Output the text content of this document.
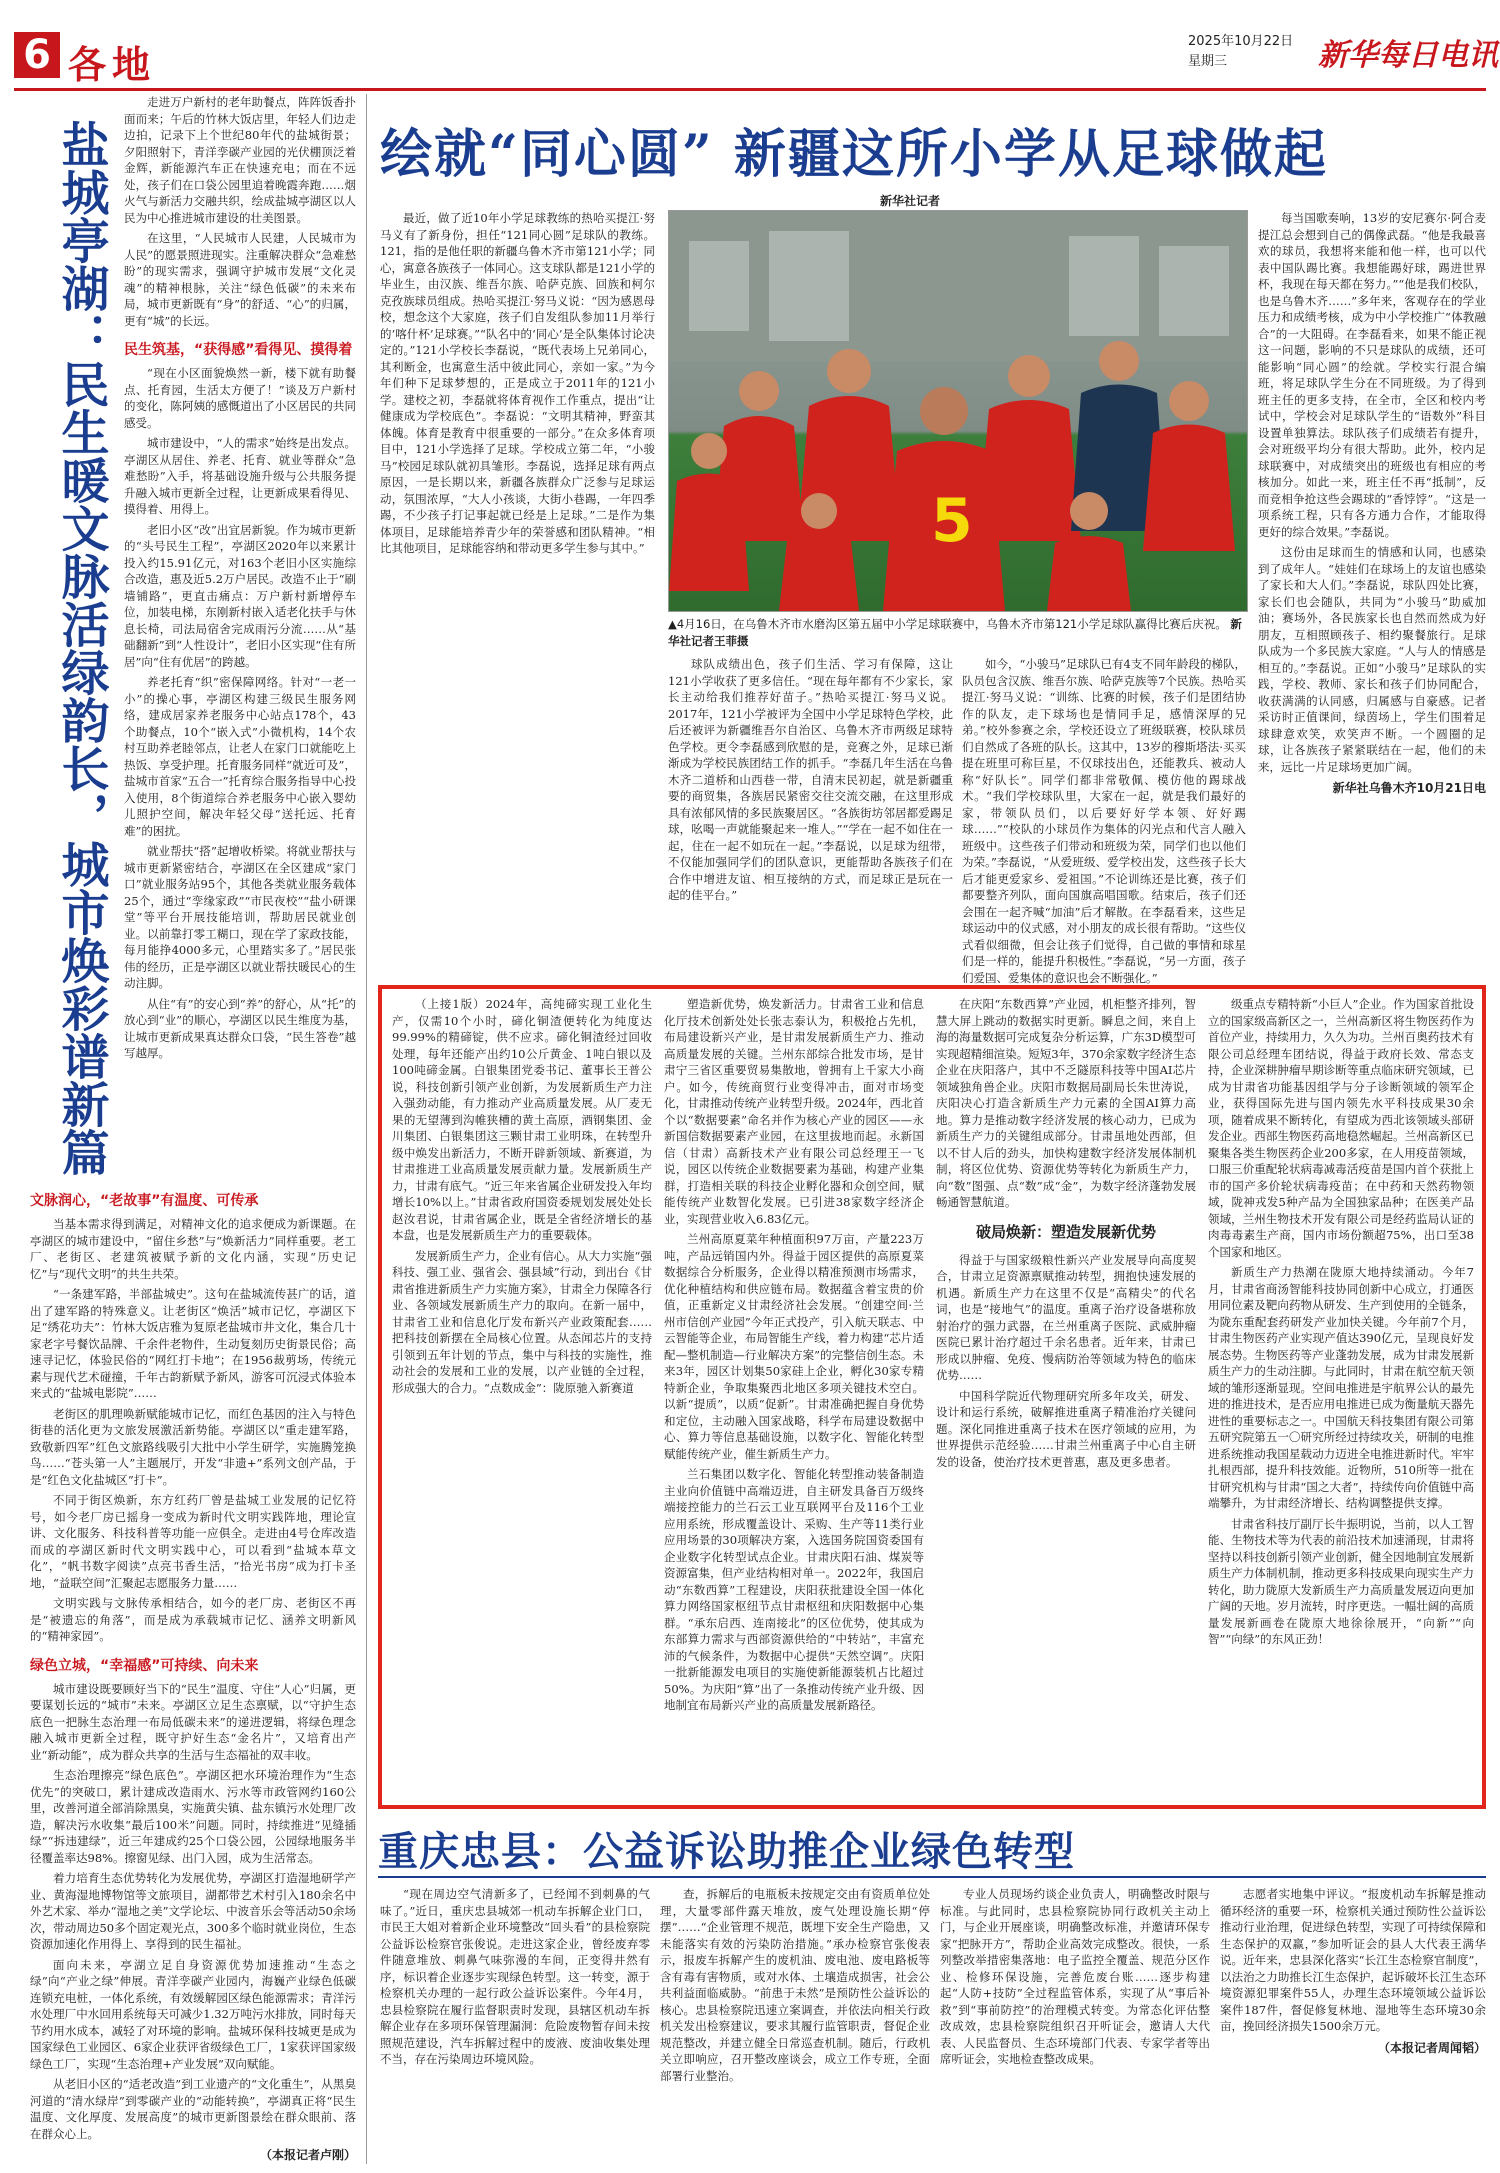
6 各地
2025年10月22日
星期三	新华每日电讯
盐城亭湖：民生暖文脉活绿韵长，城市焕彩谱新篇

走进万户新村的老年助餐点，阵阵饭香扑面而来；午后的竹林大饭店里，年轻人们边走边拍，记录下上个世纪80年代的盐城街景；夕阳照射下，青洋孪碳产业园的光伏棚顶泛着金辉，新能源汽车正在快速充电；而在不远处，孩子们在口袋公园里追着晚霞奔跑……烟火气与新活力交融共织，绘成盐城亭湖区以人民为中心推进城市建设的壮美图景。

在这里，“人民城市人民建，人民城市为人民”的愿景照进现实。注重解决群众“急难愁盼”的现实需求，强调守护城市发展“文化灵魂”的精神根脉，关注“绿色低碳”的未来布局，城市更新既有“身”的舒适、“心”的归属，更有“城”的长远。

民生筑基，“获得感”看得见、摸得着

“现在小区面貌焕然一新，楼下就有助餐点、托育园，生活太方便了！”谈及万户新村的变化，陈阿姨的感慨道出了小区居民的共同感受。

城市建设中，“人的需求”始终是出发点。亭湖区从居住、养老、托育、就业等群众“急难愁盼”入手，将基础设施升级与公共服务提升融入城市更新全过程，让更新成果看得见、摸得着、用得上。

老旧小区“改”出宜居新貌。作为城市更新的“头号民生工程”，亭湖区2020年以来累计投入约15.91亿元，对163个老旧小区实施综合改造，惠及近5.2万户居民。改造不止于“刷墙铺路”，更直击痛点：万户新村新增停车位，加装电梯，东刚新村嵌入适老化扶手与休息长椅，司法局宿舍完成雨污分流……从“基础翻新”到“人性设计”，老旧小区实现“住有所居”向“住有优居”的跨越。

养老托育“织”密保障网络。针对“一老一小”的操心事，亭湖区构建三级民生服务网络，建成居家养老服务中心站点178个，43个助餐点，10个“嵌入式”小微机构，14个农村互助养老睦邻点，让老人在家门口就能吃上热饭、享受护理。托育服务同样“就近可及”，盐城市首家“五合一”托育综合服务指导中心投入使用，8个街道综合养老服务中心嵌入婴幼儿照护空间，解决年轻父母“送托远、托育难”的困扰。

就业帮扶“搭”起增收桥梁。将就业帮扶与城市更新紧密结合，亭湖区在全区建成“家门口”就业服务站95个，其他各类就业服务载体25个，通过“孪缘家政”“市民夜校”“盐小研课堂”等平台开展技能培训，帮助居民就业创业。以前靠打零工糊口，现在学了家政技能，每月能挣4000多元，心里踏实多了。”居民张伟的经历，正是亭湖区以就业帮扶暖民心的生动注脚。

从住“有”的安心到“养”的舒心，从“托”的放心到“业”的顺心，亭湖区以民生维度为基，让城市更新成果真达群众口袋，“民生答卷”越写越厚。

文脉润心，“老故事”有温度、可传承

当基本需求得到满足，对精神文化的追求便成为新课题。在亭湖区的城市建设中，“留住乡愁”与“焕新活力”同样重要。老工厂、老街区、老建筑被赋予新的文化内涵，实现“历史记忆”与“现代文明”的共生共荣。

“一条建军路，半部盐城史”。这句在盐城流传甚广的话，道出了建军路的特殊意义。让老街区“焕活”城市记忆，亭湖区下足“绣花功夫”：竹林大饭店雅为复原老盐城市井文化，集合几十家老字号餐饮品牌、千余件老物件，生动复刻历史街景民俗；高速寻记忆，体验民俗的“网红打卡地”；在1956裁剪场，传统元素与现代艺术碰撞，千年古韵新赋予新风，游客可沉浸式体验本来式的“盐城电影院”……

老街区的肌理唤新赋能城市记忆，而红色基因的注入与特色街巷的活化更为文旅发展激活新势能。亭湖区以“重走建军路，致敬新四军”红色文旅路线吸引大批中小学生研学，实施腾笼换鸟……“苍头第一人”主题展厅，开发“非遗+”系列文创产品，于是“红色文化盐城区”打卡”。

不同于街区焕新，东方红药厂曾是盐城工业发展的记忆符号，如今老厂房已摇身一变成为新时代文明实践阵地，理论宣讲、文化服务、科技科普等功能一应俱全。走进由4号仓库改造而成的亭湖区新时代文明实践中心，可以看到“盐城本草文化”，“帆书数字阅读”点亮书香生活，“拾光书房”成为打卡圣地，“益联空间”汇聚起志愿服务力量……

文明实践与文脉传承相结合，如今的老厂房、老街区不再是“被遗忘的角落”，而是成为承载城市记忆、涵养文明新风的“精神家园”。

绿色立城，“幸福感”可持续、向未来

城市建设既要顾好当下的“民生”温度、守住“人心”归属，更要谋划长远的“城市”未来。亭湖区立足生态禀赋，以“守护生态底色一把脉生态治理一布局低碳未来”的递进逻辑，将绿色理念融入城市更新全过程，既守护好生态“金名片”，又培育出产业“新动能”，成为群众共享的生活与生态福祉的双丰收。

生态治理擦亮“绿色底色”。亭湖区把水环境治理作为“生态优先”的突破口，累计建成改造雨水、污水等市政管网约160公里，改善河道全部消除黑臭，实施黄尖镇、盐东镇污水处理厂改造，解决污水收集“最后100米”问题。同时，持续推进“见缝插绿”“拆违建绿”，近三年建成约25个口袋公园，公园绿地服务半径覆盖率达98%。擦窗见绿、出门入园，成为生活常态。

着力培育生态优势转化为发展优势，亭湖区打造湿地研学产业、黄海湿地博物馆等文旅项目，湖都带艺术村引入180余名中外艺术家、举办“湿地之美”文学论坛、中波音乐会等活动50余场次，带动周边50多个固定观光点，300多个临时就业岗位，生态资源加速化作用得上、享得到的民生福祉。

面向未来，亭湖立足自身资源优势加速推动“生态之绿”向“产业之绿”伸展。青洋孪碳产业园内，海巍产业绿色低碳连锁充电桩，一体化系统，有效缓解园区绿色能源需求；青洋污水处理厂中水回用系统每天可减少1.32万吨污水排放，同时每天节约用水成本，减轻了对环境的影响。盐城环保科技城更是成为国家绿色工业园区、6家企业获评省级绿色工厂，1家获评国家级绿色工厂，实现“生态治理+产业发展”双向赋能。

从老旧小区的“适老改造”到工业遗产的“文化重生”，从黑臭河道的“清水绿岸”到零碳产业的“动能转换”，亭湖真正将“民生温度、文化厚度、发展高度”的城市更新图景绘在群众眼前、落在群众心上。

（本报记者卢刚）
绘就“同心圆” 新疆这所小学从足球做起
新华社记者

最近，做了近10年小学足球教练的热哈买提江·努马义有了新身份，担任“121同心圆”足球队的教练。121，指的是他任职的新疆乌鲁木齐市第121小学；同心，寓意各族孩子一体同心。这支球队都是121小学的毕业生，由汉族、维吾尔族、哈萨克族、回族和柯尔克孜族球员组成。热哈买提江·努马义说：“因为感恩母校，想念这个大家庭，孩子们自发组队参加11月举行的‘喀什杯’足球赛。”“队名中的‘同心’是全队集体讨论决定的。”121小学校长李磊说，“既代表场上兄弟同心，其利断金，也寓意生活中彼此同心，亲如一家。”为今年们种下足球梦想的，正是成立于2011年的121小学。建校之初，李磊就将体育视作工作重点，提出“让健康成为学校底色”。李磊说：“文明其精神，野蛮其体魄。体育是教育中很重要的一部分。”在众多体育项目中，121小学选择了足球。学校成立第二年，“小骏马”校园足球队就初具雏形。李磊说，选择足球有两点原因，一是长期以来，新疆各族群众广泛参与足球运动，氛围浓厚，“大人小孩谈，大街小巷踢，一年四季踢，不少孩子打记事起就已经是上足球。”二是作为集体项目，足球能培养青少年的荣誉感和团队精神。“相比其他项目，足球能容纳和带动更多学生参与其中。”	5
▲4月16日，在乌鲁木齐市水磨沟区第五届中小学足球联赛中，乌鲁木齐市第121小学足球队赢得比赛后庆祝。 新华社记者王菲摄

球队成绩出色，孩子们生活、学习有保障，这让121小学收获了更多信任。“现在每年都有不少家长，家长主动给我们推荐好苗子。”热哈买提江·努马义说。2017年，121小学被评为全国中小学足球特色学校，此后还被评为新疆维吾尔自治区、乌鲁木齐市两级足球特色学校。更令李磊感到欣慰的是，竞赛之外，足球已渐渐成为学校民族团结工作的抓手。“李磊几年生活在乌鲁木齐二道桥和山西巷一带，自清末民初起，就是新疆重要的商贸集，各族居民紧密交往交流交融，在这里形成具有浓郁风情的多民族聚居区。“各族街坊邻居都爱踢足球，吆喝一声就能聚起来一堆人。”“学在一起不如住在一起，住在一起不如玩在一起。”李磊说，以足球为纽带，不仅能加强同学们的团队意识，更能帮助各族孩子们在合作中增进友谊、相互接纳的方式，而足球正是玩在一起的佳平台。”

如今，“小骏马”足球队已有4支不同年龄段的梯队，队员包含汉族、维吾尔族、哈萨克族等7个民族。热哈买提江·努马义说：“训练、比赛的时候，孩子们是团结协作的队友，走下球场也是情同手足，感情深厚的兄弟。”校外参赛之余，学校还设立了班级联赛，校队球员们自然成了各班的队长。这其中，13岁的穆斯塔法·买买提在班里可称巨星，不仅球技出色，还能教兵、被动人称“好队长”。同学们都非常敬佩、模仿他的踢球战术。“我们学校球队里，大家在一起，就是我们最好的家，带领队员们，以后要好好学本领、好好踢球……”“校队的小球员作为集体的闪光点和代言人融入班级中。这些孩子们带动和班级为荣，同学们也以他们为荣。”李磊说，“从爱班级、爱学校出发，这些孩子长大后才能更爱家乡、爱祖国。”不论训练还是比赛，孩子们都要整齐列队，面向国旗高唱国歌。结束后，孩子们还会围在一起齐喊“加油”后才解散。在李磊看来，这些足球运动中的仪式感，对小朋友的成长很有帮助。“这些仪式看似细微，但会让孩子们觉得，自己做的事情和球星们是一样的，能提升积极性。”李磊说，“另一方面，孩子们爱国、爱集体的意识也会不断强化。”

每当国歌奏响，13岁的安尼赛尔·阿合麦提江总会想到自己的偶像武磊。“他是我最喜欢的球员，我想将来能和他一样，也可以代表中国队踢比赛。我想能踢好球，踢进世界杯，我现在每天都在努力。”“他是我们校队，也是乌鲁木齐……”多年来，客观存在的学业压力和成绩考核，成为中小学校推广“体教融合”的一大阻碍。在李磊看来，如果不能正视这一问题，影响的不只是球队的成绩，还可能影响“同心圆”的绘就。学校实行混合编班，将足球队学生分在不同班级。为了得到班主任的更多支持，在全市，全区和校内考试中，学校会对足球队学生的“语数外”科目设置单独算法。球队孩子们成绩若有提升，会对班级平均分有很大帮助。此外，校内足球联赛中，对成绩突出的班级也有相应的考核加分。如此一来，班主任不再“抵制”，反而竞相争抢这些会踢球的“香饽饽”。“这是一项系统工程，只有各方通力合作，才能取得更好的综合效果。”李磊说。

这份由足球而生的情感和认同，也感染到了成年人。“娃娃们在球场上的友谊也感染了家长和大人们。”李磊说，球队四处比赛，家长们也会随队，共同为“小骏马”助威加油；赛场外，各民族家长也自然而然成为好朋友，互相照顾孩子、相约聚餐旅行。足球队成为一个多民族大家庭。“人与人的情感是相互的。”李磊说。正如“小骏马”足球队的实践，学校、教师、家长和孩子们协同配合，收获满满的认同感，归属感与自豪感。记者采访时正值课间，绿茵场上，学生们围着足球肆意欢笑，欢笑声不断。一个圆圈的足球，让各族孩子紧紧联结在一起，他们的未来，远比一片足球场更加广阔。

新华社乌鲁木齐10月21日电

（上接1版）2024年，高纯碲实现工业化生产，仅需10个小时，碲化铜渣便转化为纯度达99.99%的精碲锭，供不应求。碲化铜渣经过回收处理，每年还能产出约10公斤黄金、1吨白银以及100吨碲金属。白银集团党委书记、董事长王普公说，科技创新引领产业创新，为发展新质生产力注入强劲动能，有力推动产业高质量发展。从厂麦无果的无望薄到沟帷狭槽的黄土高原，酒钢集团、金川集团、白银集团这三颗甘肃工业明珠，在转型升级中焕发出新活力，不断开辟新领域、新赛道，为甘肃推进工业高质量发展贡献力量。发展新质生产力，甘肃有底气。“近三年来省属企业研发投入年均增长10%以上。”甘肃省政府国资委规划发展处处长赵汝君说，甘肃省属企业，既是全省经济增长的基本盘，也是发展新质生产力的重要载体。

发展新质生产力，企业有信心。从大力实施“强科技、强工业、强省会、强县域”行动，到出台《甘肃省推进新质生产力实施方案》，甘肃全力保障各行业、各领域发展新质生产力的取向。在新一届中，甘肃省工业和信息化厅发布新兴产业政策配套……把科技创新摆在全局核心位置。从态闻芯片的支持引领到五年计划的节点，集中与科技的实施性，推动社会的发展和工业的发展，以产业链的全过程，形成强大的合力。“点数成金”：陇原驰入新赛道

塑造新优势，焕发新活力。甘肃省工业和信息化厅技术创新处处长张志泰认为，积极抢占先机，布局建设新兴产业，是甘肃发展新质生产力、推动高质量发展的关键。兰州东部综合批发市场，是甘肃宁三省区重要贸易集散地，曾拥有上千家大小商户。如今，传统商贸行业变得冲击，面对市场变化，甘肃推动传统产业转型升级。2024年，西北首个以“数据要素”命名并作为核心产业的园区——永新国信数据要素产业园，在这里拔地而起。永新国信（甘肃）高新技术产业有限公司总经理王一飞说，园区以传统企业数据要素为基础，构建产业集群，打造相关联的科技企业孵化器和众创空间，赋能传统产业数智化发展。已引进38家数字经济企业，实现营业收入6.83亿元。

兰州高原夏菜年种植面积97万亩，产量223万吨，产品远销国内外。得益于园区提供的高原夏菜数据综合分析服务，企业得以精准预测市场需求，优化种植结构和供应链布局。数据蕴含着宝贵的价值，正重新定义甘肃经济社会发展。“创建空间·兰州市信创产业园”今年正式投产，引入航天联志、中云智能等企业，布局智能生产线，着力构建“芯片适配—整机制造—行业解决方案”的完整信创生态。未来3年，园区计划集50家硅上企业，孵化30家专精特新企业，争取集聚西北地区多项关键技术空白。以新“提质”，以质“促新”。甘肃准确把握自身优势和定位，主动融入国家战略，科学布局建设数据中心、算力等信息基础设施，以数字化、智能化转型赋能传统产业，催生新质生产力。

兰石集团以数字化、智能化转型推动装备制造主业向价值链中高端迈进，自主研发具备百万级终端接控能力的兰石云工业互联网平台及116个工业应用系统，形成覆盖设计、采购、生产等11类行业应用场景的30项解决方案，入选国务院国资委国有企业数字化转型试点企业。甘肃庆阳石油、煤炭等资源富集，但产业结构相对单一。2022年，我国启动“东数西算”工程建设，庆阳获批建设全国一体化算力网络国家枢纽节点甘肃枢纽和庆阳数据中心集群。“承东启西、连南接北”的区位优势，使其成为东部算力需求与西部资源供给的“中转站”，丰富充沛的气候条件，为数据中心提供“天然空调”。庆阳一批新能源发电项目的实施使新能源装机占比超过50%。为庆阳“算”出了一条推动传统产业升级、因地制宜布局新兴产业的高质量发展新路径。

在庆阳“东数西算”产业园，机柜整齐排列，智慧大屏上跳动的数据实时更新。瞬息之间，来自上海的海量数据可完成复杂分析运算，广东3D模型可实现超精细渲染。短短3年，370余家数字经济生态企业在庆阳落户，其中不乏隧原科技等中国AI芯片领域独角兽企业。庆阳市数据局副局长朱世涛说，庆阳决心打造含新质生产力元素的全国AI算力高地。算力是推动数字经济发展的核心动力，已成为新质生产力的关键组成部分。甘肃虽地处西部，但以不甘人后的劲头，加快构建数字经济发展体制机制，将区位优势、资源优势等转化为新质生产力，向“数”图强、点“数”成“金”，为数字经济蓬勃发展畅通智慧航道。

破局焕新：塑造发展新优势

得益于与国家级粮性新兴产业发展导向高度契合，甘肃立足资源禀赋推动转型，拥抱快速发展的机遇。新质生产力在这里不仅是“高精尖”的代名词，也是“接地气”的温度。重离子治疗设备堪称放射治疗的强力武器，在兰州重离子医院、武威肿瘤医院已累计治疗超过千余名患者。近年来，甘肃已形成以肿瘤、免疫、慢病防治等领域为特色的临床优势……

中国科学院近代物理研究所多年攻关，研发、设计和运行系统，破解推进重离子精准治疗关键问题。深化同推进重离子技术在医疗领域的应用，为世界提供示范经验……甘肃兰州重离子中心自主研发的设备，使治疗技术更普惠，惠及更多患者。

级重点专精特新“小巨人”企业。作为国家首批设立的国家级高新区之一，兰州高新区将生物医药作为首位产业，持续用力，久久为功。兰州百奥药技术有限公司总经理车团结说，得益于政府长效、常态支持，企业深耕肿瘤早期诊断等重点临床研究领域，已成为甘肃省功能基因组学与分子诊断领域的领军企业，获得国际先进与国内领先水平科技成果30余项，随着成果不断转化，有望成为西北该领域头部研发企业。西部生物医药高地稳然崛起。兰州高新区已聚集各类生物医药企业200多家，在人用疫苗领域，口服三价重配轮状病毒减毒活疫苗是国内首个获批上市的国产多价轮状病毒疫苗；在中药和天然药物领域，陇神戎发5种产品为全国独家品种；在医美产品领域，兰州生物技术开发有限公司是经药监局认证的肉毒毒素生产商，国内市场份额超75%，出口至38个国家和地区。

新质生产力热潮在陇原大地持续涌动。今年7月，甘肃省商汤智能科技协同创新中心成立，打通医用同位素及靶向药物从研发、生产到使用的全链条，为陇东重配套药研发产业加快关键。今年前7个月，甘肃生物医药产业实现产值达390亿元，呈现良好发展态势。生物医药等产业蓬勃发展，成为甘肃发展新质生产力的生动注脚。与此同时，甘肃在航空航天领域的雏形逐渐显现。空间电推进是宇航界公认的最先进的推进技术，是否应用电推进已成为衡量航天器先进性的重要标志之一。中国航天科技集团有限公司第五研究院第五一〇研究所经过持续攻关，研制的电推进系统推动我国星载动力迈进全电推进新时代。牢牢扎根西部，提升科技效能。近物所，510所等一批在甘研究机构与甘肃“国之大者”，持续传向价值链中高端攀升，为甘肃经济增长、结构调整提供支撑。

甘肃省科技厅副厅长牛振明说，当前，以人工智能、生物技术等为代表的前沿技术加速涌现，甘肃将坚持以科技创新引领产业创新，健全因地制宜发展新质生产力体制机制，推动更多科技成果向现实生产力转化，助力陇原大发新质生产力高质量发展迈向更加广阔的天地。岁月流转，时序更迭。一幅壮阔的高质量发展新画卷在陇原大地徐徐展开，“向新”“向智”“向绿”的东风正劲！

重庆忠县：公益诉讼助推企业绿色转型

“现在周边空气清新多了，已经闻不到刺鼻的气味了。”近日，重庆忠县城郊一机动车拆解企业门口，市民王大姐对着新企业环境整改“回头看”的县检察院公益诉讼检察官张俊说。走进这家企业，曾经废弃零件随意堆放、刺鼻气味弥漫的车间，正变得井然有序，标识着企业逐步实现绿色转型。这一转变，源于检察机关办理的一起行政公益诉讼案件。今年4月，忠县检察院在履行监督职责时发现，县辖区机动车拆解企业存在多项环保管理漏洞：危险废物暂存间未按照规范建设，汽车拆解过程中的废液、废油收集处理不当，存在污染周边环境风险。

查，拆解后的电瓶板未按规定交由有资质单位处理，大量零部件露天堆放，废气处理设施长期“停摆”……“企业管理不规范，既埋下安全生产隐患，又未能落实有效的污染防治措施。”承办检察官张俊表示，报废车拆解产生的废机油、废电池、废电路板等含有毒有害物质，或对水体、土壤造成损害，社会公共利益面临威胁。“前患于未然”是预防性公益诉讼的核心。忠县检察院迅速立案调查，并依法向相关行政机关发出检察建议，要求其履行监管职责，督促企业规范整改，并建立健全日常巡查机制。随后，行政机关立即响应，召开整改座谈会，成立工作专班，全面部署行业整治。

专业人员现场约谈企业负责人，明确整改时限与标准。与此同时，忠县检察院协同行政机关主动上门，与企业开展座谈，明确整改标准，并邀请环保专家“把脉开方”，帮助企业高效完成整改。很快，一系列整改举措密集落地：电子监控全覆盖、规范分区作业、检修环保设施，完善危废台账……逐步构建起“人防+技防”全过程监管体系，实现了从“事后补救”到“事前防控”的治理模式转变。为常态化评估整改成效，忠县检察院组织召开听证会，邀请人大代表、人民监督员、生态环境部门代表、专家学者等出席听证会，实地检查整改成果。

志愿者实地集中评议。“报废机动车拆解是推动循环经济的重要一环，检察机关通过预防性公益诉讼推动行业治理，促进绿色转型，实现了可持续保障和生态保护的双赢，”参加听证会的县人大代表王满华说。近年来，忠县深化落实“长江生态检察官制度”，以法治之力助推长江生态保护，起诉破坏长江生态环境资源犯罪案件55人，办理生态环境领域公益诉讼案件187件，督促修复林地、湿地等生态环境30余亩，挽回经济损失1500余万元。

（本报记者周闻韬）
